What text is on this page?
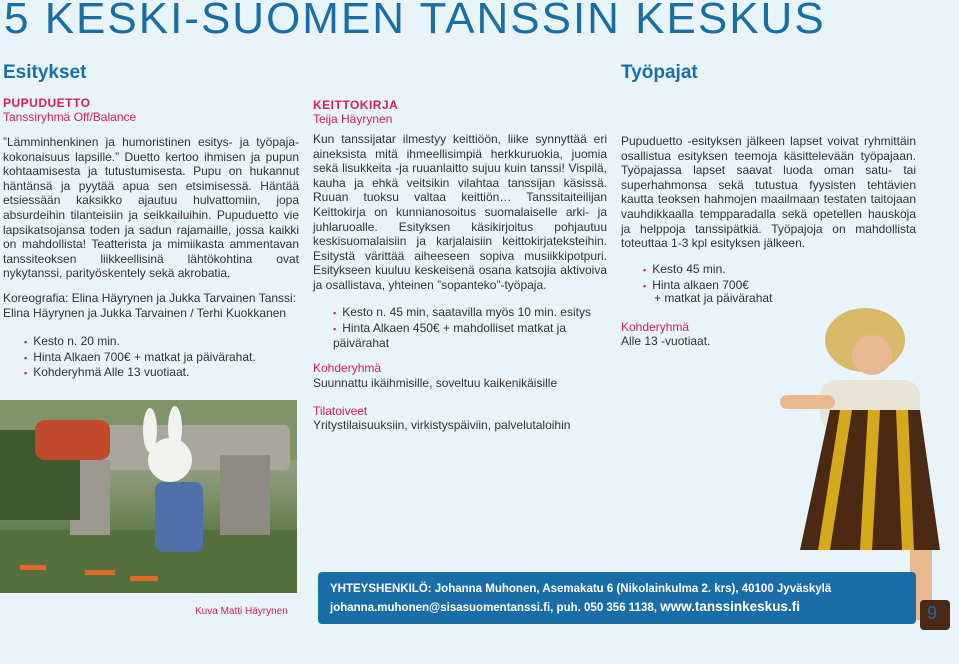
5 KESKI-SUOMEN TANSSIN KESKUS
Esitykset
PUPUDUETTO
Tanssiryhmä Off/Balance
”Lämminhenkinen ja humoristinen esitys- ja työpaja-kokonaisuus lapsille.” Duetto kertoo ihmisen ja pupun kohtaamisesta ja tutustumisesta. Pupu on hukannut häntänsä ja pyytää apua sen etsimisessä. Häntää etsiessään kaksikko ajautuu hulvattomiin, jopa absurdeihin tilanteisiin ja seikkailuihin. Pupuduetto vie lapsikatsojansa toden ja sadun rajamaille, jossa kaikki on mahdollista! Teatterista ja mimiikasta ammentavan tanssiteoksen liikkeellisinä lähtökohtina ovat nykytanssi, parityöskentely sekä akrobatia.
Koreografia: Elina Häyrynen ja Jukka Tarvainen Tanssi: Elina Häyrynen ja Jukka Tarvainen / Terhi Kuokkanen
▪ Kesto n. 20 min.
▪ Hinta Alkaen 700€ + matkat ja päivärahat.
▪ Kohderyhmä Alle 13 vuotiaat.
Kuva Matti Häyrynen
KEITTOKIRJA
Teija Häyrynen
Kun tanssijatar ilmestyy keittiöön, liike synnyttää eri aineksista mitä ihmeellisimpiä herkkuruokia, juomia sekä lisukkeita -ja ruuanlaitto sujuu kuin tanssi! Vispilä, kauha ja ehkä veitsikin vilahtaa tanssijan käsissä. Ruuan tuoksu valtaa keittiön… Tanssitaiteilijan Keittokirja on kunnianosoitus suomalaiselle arki- ja juhlaruoalle. Esityksen käsikirjoitus pohjautuu keskisuomalaisiin ja karjalaisiin keittokirjateksteihin. Esitystä värittää aiheeseen sopiva musiikkipotpuri. Esitykseen kuuluu keskeisenä osana katsojia aktivoiva ja osallistava, yhteinen ”sopanteko”-työpaja.
▪ Kesto n. 45 min, saatavilla myös 10 min. esitys
▪ Hinta Alkaen 450€ + mahdolliset matkat ja päivärahat
Kohderyhmä
Suunnattu ikäihmisille, soveltuu kaikenikäisille
Tilatoiveet
Yritystilaisuuksiin, virkistyspäiviin, palvelutaloihin
Työpajat
Pupuduetto -esityksen jälkeen lapset voivat ryhmittäin osallistua esityksen teemoja käsittelevään työpajaan. Työpajassa lapset saavat luoda oman satu- tai superhahmonsa sekä tutustua fyysisten tehtävien kautta teoksen hahmojen maailmaan testaten taitojaan vauhdikkaalla tempparadalla sekä opetellen hauskoja ja helppoja tanssipätkiä. Työpajoja on mahdollista toteuttaa 1-3 kpl esityksen jälkeen.
▪ Kesto 45 min.
▪ Hinta alkaen 700€
+ matkat ja päivärahat
Kohderyhmä
Alle 13 -vuotiaat.
YHTEYSHENKILÖ: Johanna Muhonen, Asemakatu 6 (Nikolainkulma 2. krs), 40100 Jyväskylä
johanna.muhonen@sisasuomentanssi.fi, puh. 050 356 1138, www.tanssinkeskus.fi	9
